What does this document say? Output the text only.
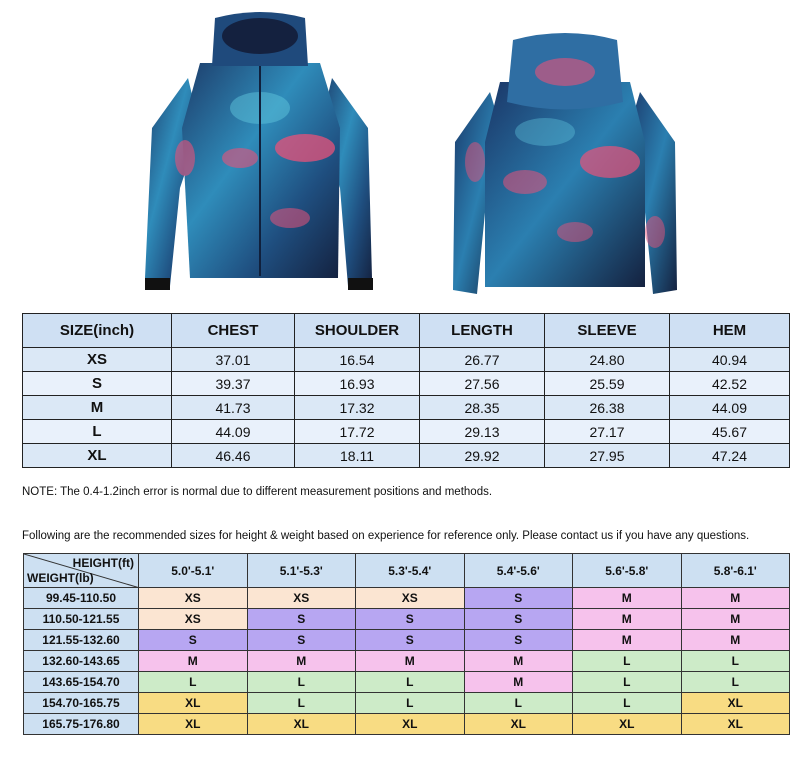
SIZE(inch)	CHEST	SHOULDER	LENGTH	SLEEVE	HEM
XS	37.01	16.54	26.77	24.80	40.94
S	39.37	16.93	27.56	25.59	42.52
M	41.73	17.32	28.35	26.38	44.09
L	44.09	17.72	29.13	27.17	45.67
XL	46.46	18.11	29.92	27.95	47.24
NOTE: The 0.4-1.2inch error is normal due to different measurement positions and methods.
Following are the recommended sizes for height & weight based on experience for reference only. Please contact us if you have any questions.
HEIGHT(ft)
WEIGHT(lb)	5.0'-5.1'	5.1'-5.3'	5.3'-5.4'	5.4'-5.6'	5.6'-5.8'	5.8'-6.1'
99.45-110.50	XS	XS	XS	S	M	M
110.50-121.55	XS	S	S	S	M	M
121.55-132.60	S	S	S	S	M	M
132.60-143.65	M	M	M	M	L	L
143.65-154.70	L	L	L	M	L	L
154.70-165.75	XL	L	L	L	L	XL
165.75-176.80	XL	XL	XL	XL	XL	XL
